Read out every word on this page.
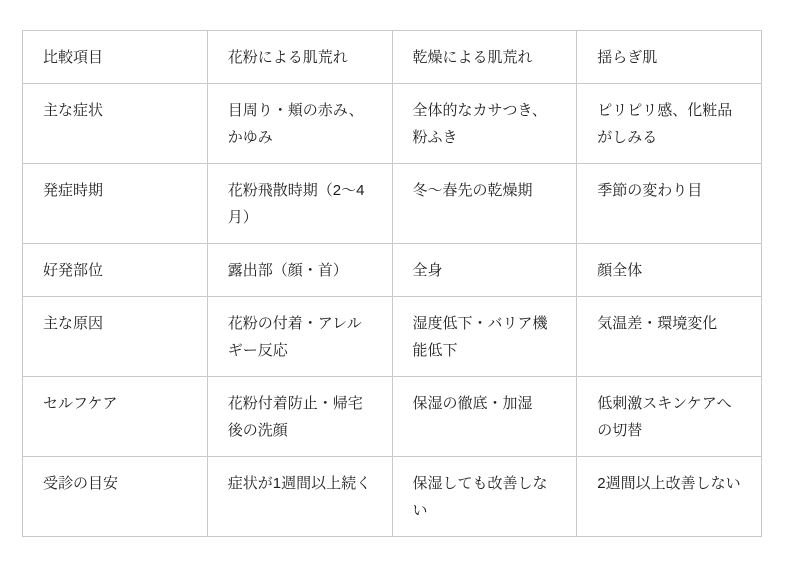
比較項目	花粉による肌荒れ	乾燥による肌荒れ	揺らぎ肌
主な症状	目周り・頬の赤み、かゆみ	全体的なカサつき、粉ふき	ピリピリ感、化粧品がしみる
発症時期	花粉飛散時期（2〜4月）	冬〜春先の乾燥期	季節の変わり目
好発部位	露出部（顔・首）	全身	顔全体
主な原因	花粉の付着・アレルギー反応	湿度低下・バリア機能低下	気温差・環境変化
セルフケア	花粉付着防止・帰宅後の洗顔	保湿の徹底・加湿	低刺激スキンケアへの切替
受診の目安	症状が1週間以上続く	保湿しても改善しない	2週間以上改善しない
